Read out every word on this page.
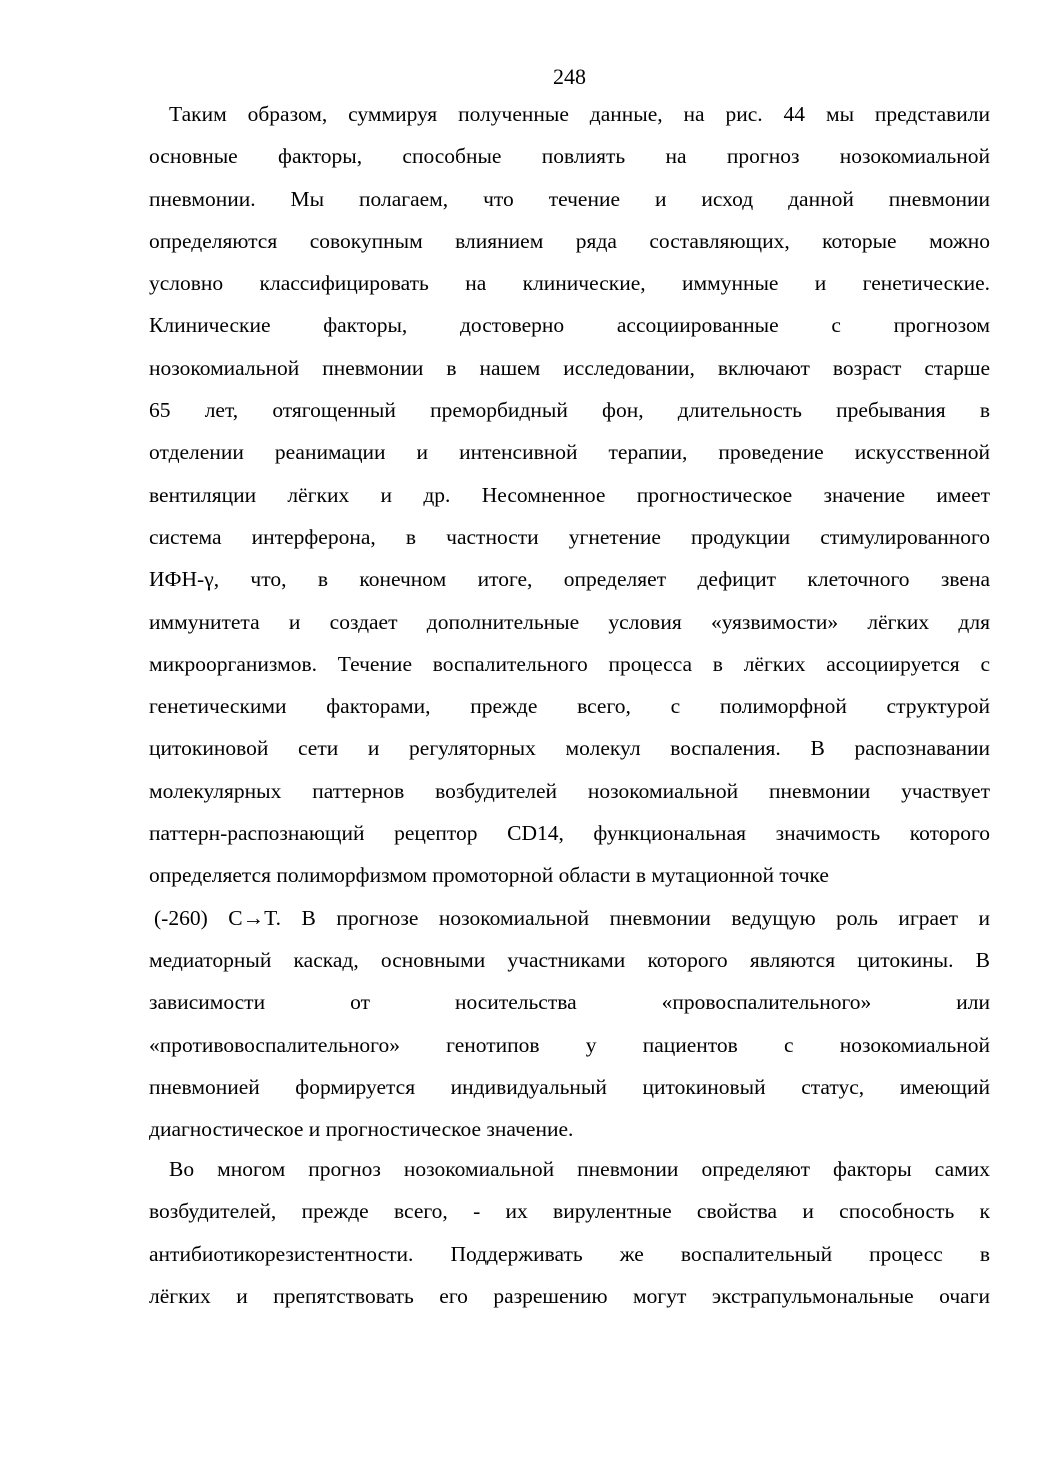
248
Таким образом, суммируя полученные данные, на рис. 44 мы представили
основные факторы, способные повлиять на прогноз нозокомиальной
пневмонии. Мы полагаем, что течение и исход данной пневмонии
определяются совокупным влиянием ряда составляющих, которые можно
условно классифицировать на клинические, иммунные и генетические.
Клинические факторы, достоверно ассоциированные с прогнозом
нозокомиальной пневмонии в нашем исследовании, включают возраст старше
65 лет, отягощенный преморбидный фон, длительность пребывания в
отделении реанимации и интенсивной терапии, проведение искусственной
вентиляции лёгких и др. Несомненное прогностическое значение имеет
система интерферона, в частности угнетение продукции стимулированного
ИФН-γ, что, в конечном итоге, определяет дефицит клеточного звена
иммунитета и создает дополнительные условия «уязвимости» лёгких для
микроорганизмов. Течение воспалительного процесса в лёгких ассоциируется с
генетическими факторами, прежде всего, с полиморфной структурой
цитокиновой сети и регуляторных молекул воспаления. В распознавании
молекулярных паттернов возбудителей нозокомиальной пневмонии участвует
паттерн-распознающий рецептор CD14, функциональная значимость которого
определяется полиморфизмом промоторной области в мутационной точке
(-260) C→T. В прогнозе нозокомиальной пневмонии ведущую роль играет и
медиаторный каскад, основными участниками которого являются цитокины. В
зависимости от носительства «провоспалительного» или
«противовоспалительного» генотипов у пациентов с нозокомиальной
пневмонией формируется индивидуальный цитокиновый статус, имеющий
диагностическое и прогностическое значение.
Во многом прогноз нозокомиальной пневмонии определяют факторы самих
возбудителей, прежде всего, - их вирулентные свойства и способность к
антибиотикорезистентности. Поддерживать же воспалительный процесс в
лёгких и препятствовать его разрешению могут экстрапульмональные очаги
